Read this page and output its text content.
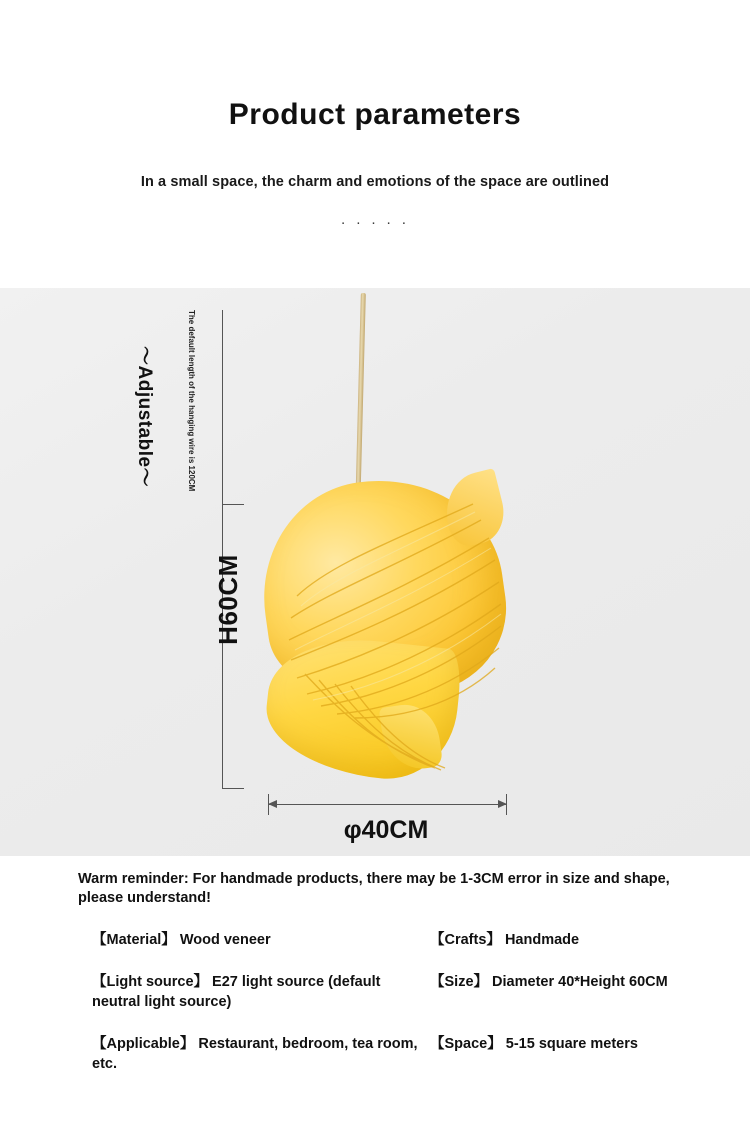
Product parameters

In a small space, the charm and emotions of the space are outlined

· · · · ·
〜Adjustable〜	The default length of the hanging wire is 120CM
H60CM
φ40CM

Warm reminder: For handmade products, there may be 1-3CM error in size and shape, please understand!

【Material】 Wood veneer	【Crafts】 Handmade
【Light source】 E27 light source (default neutral light source)
【Size】 Diameter 40*Height 60CM
【Applicable】 Restaurant, bedroom, tea room, etc.
【Space】 5-15 square meters
